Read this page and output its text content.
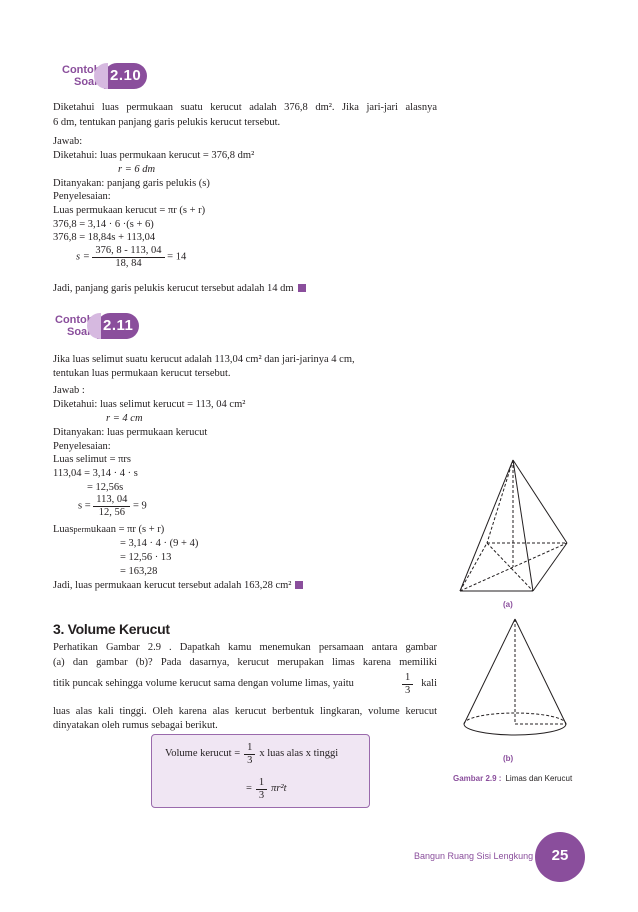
Contoh
Soal 2.10
Diketahui luas permukaan suatu kerucut adalah 376,8 dm². Jika jari-jari alasnya
6 dm, tentukan panjang garis pelukis kerucut tersebut.
Jawab:
Diketahui: luas permukaan kerucut = 376,8 dm²
r = 6 dm
Ditanyakan: panjang garis pelukis (s)
Penyelesaian:
Luas permukaan kerucut = πr (s + r)
376,8 = 3,14 · 6 ·(s + 6)
376,8 = 18,84s + 113,04
$s = \frac{376, 8 - 113, 04}{18, 84} = 14$
Jadi, panjang garis pelukis kerucut tersebut adalah 14 dm
Contoh
Soal 2.11
Jika luas selimut suatu kerucut adalah 113,04 cm² dan jari-jarinya 4 cm,
tentukan luas permukaan kerucut tersebut.
Jawab :
Diketahui: luas selimut kerucut = 113, 04 cm²
r = 4 cm
Ditanyakan: luas permukaan kerucut
Penyelesaian:
Luas selimut = πrs
113,04 = 3,14 · 4 · s
= 12,56s
$s = \frac{113, 04}{12, 56} = 9$
Luaspermukaan = πr (s + r)
= 3,14 · 4 · (9 + 4)
= 12,56 · 13
= 163,28
Jadi, luas permukaan kerucut tersebut adalah 163,28 cm²
3. Volume Kerucut
Perhatikan Gambar 2.9 . Dapatkah kamu menemukan persamaan antara gambar
(a) dan gambar (b)? Pada dasarnya, kerucut merupakan limas karena memiliki
titik puncak sehingga volume kerucut sama dengan volume limas, yaitu	$\frac{1}{3}$ kali
luas alas kali tinggi. Oleh karena alas kerucut berbentuk lingkaran, volume kerucut
dinyatakan oleh rumus sebagai berikut.
Volume kerucut = $\frac{1}{3}$ x luas alas x tinggi
= $\frac{1}{3} \pi r^2t$
(a)
(b)
Gambar 2.9 : Limas dan Kerucut
Bangun Ruang Sisi Lengkung	25
